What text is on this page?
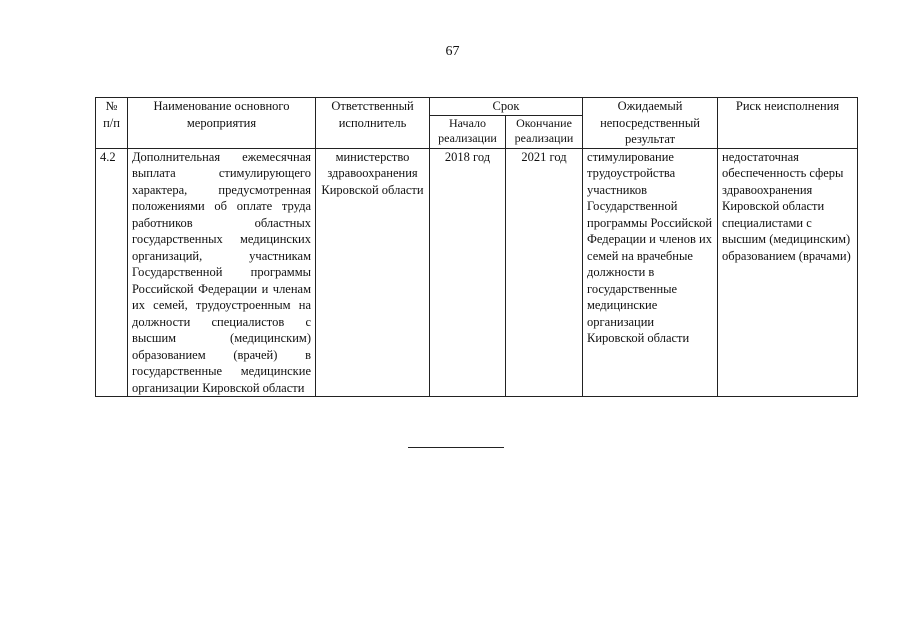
67
№ п/п	Наименование основного мероприятия	Ответственный исполнитель	Срок		Ожидаемый непосредственный результат	Риск неисполнения
			Начало реализации	Окончание реализации		
4.2	Дополнительная ежемесячная выплата стимулирующего характера, предусмотренная положениями об оплате труда работников областных государственных медицинских организаций, участникам Государственной программы Российской Федерации и членам их семей, трудоустроенным на должности специалистов с высшим (медицинским) образованием (врачей) в государственные медицинские организации Кировской области	министерство здравоохранения Кировской области	2018 год	2021 год	стимулирование трудоустройства участников Государственной программы Российской Федерации и членов их семей на врачебные должности в государственные медицинские организации Кировской области	недостаточная обеспеченность сферы здравоохранения Кировской области специалистами с высшим (медицинским) образованием (врачами)
